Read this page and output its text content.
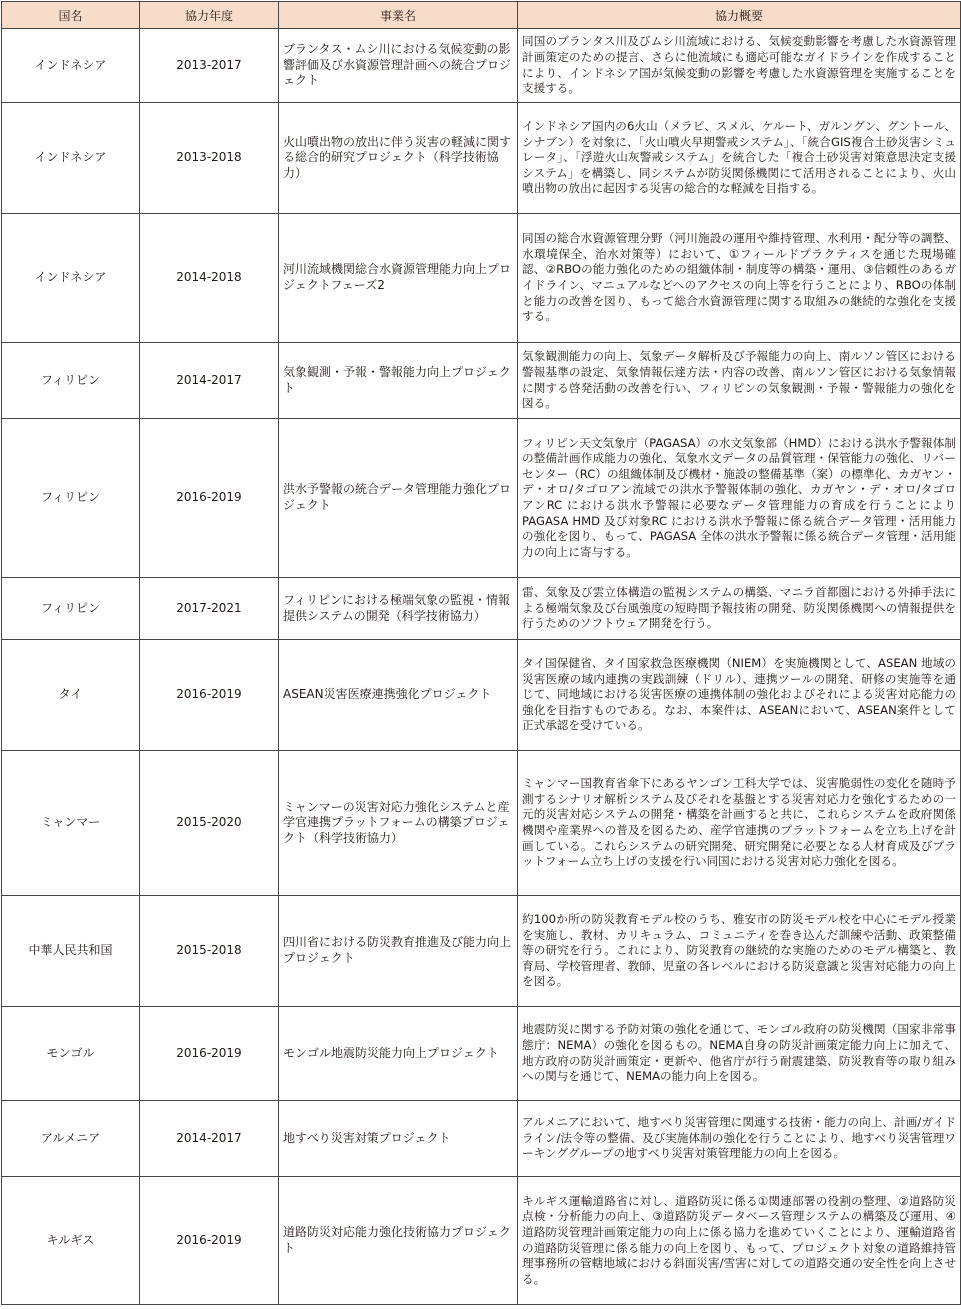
国名	協力年度	事業名	協力概要
インドネシア	2013-2017	ブランタス・ムシ川における気候変動の影響評価及び水資源管理計画への統合プロジェクト	同国のブランタス川及びムシ川流域における、気候変動影響を考慮した水資源管理計画策定のための提言、さらに他流域にも適応可能なガイドラインを作成することにより、インドネシア国が気候変動の影響を考慮した水資源管理を実施することを支援する。
インドネシア	2013-2018	火山噴出物の放出に伴う災害の軽減に関する総合的研究プロジェクト（科学技術協力）	インドネシア国内の6火山（メラピ、スメル、ケルート、ガルングン、グントール、シナブン）を対象に、「火山噴火早期警戒システム」、「統合GIS複合土砂災害シミュレータ」、「浮遊火山灰警戒システム」を統合した「複合土砂災害対策意思決定支援システム」を構築し、同システムが防災関係機関にて活用されることにより、火山噴出物の放出に起因する災害の総合的な軽減を目指する。
インドネシア	2014-2018	河川流域機関総合水資源管理能力向上プロジェクトフェーズ2	同国の総合水資源管理分野（河川施設の運用や維持管理、水利用・配分等の調整、水環境保全、治水対策等）において、①フィールドプラクティスを通じた現場確認、②RBOの能力強化のための組織体制・制度等の構築・運用、③信頼性のあるガイドライン、マニュアルなどへのアクセスの向上等を行うことにより、RBOの体制と能力の改善を図り、もって総合水資源管理に関する取組みの継続的な強化を支援する。
フィリピン	2014-2017	気象観測・予報・警報能力向上プロジェクト	気象観測能力の向上、気象データ解析及び予報能力の向上、南ルソン管区における警報基準の設定、気象情報伝達方法・内容の改善、南ルソン管区における気象情報に関する啓発活動の改善を行い、フィリピンの気象観測・予報・警報能力の強化を図る。
フィリピン	2016-2019	洪水予警報の統合データ管理能力強化プロジェクト	フィリピン天文気象庁（PAGASA）の水文気象部（HMD）における洪水予警報体制の整備計画作成能力の強化、気象水文データの品質管理・保管能力の強化、リバーセンター（RC）の組織体制及び機材・施設の整備基準（案）の標準化、カガヤン・デ・オロ/タゴロアン流域での洪水予警報体制の強化、カガヤン・デ・オロ/タゴロアンRC における洪水予警報に必要なデータ管理能力の育成を行うことによりPAGASA HMD 及び対象RC における洪水予警報に係る統合データ管理・活用能力の強化を図り、もって、PAGASA 全体の洪水予警報に係る統合データ管理・活用能力の向上に寄与する。
フィリピン	2017-2021	フィリピンにおける極端気象の監視・情報提供システムの開発（科学技術協力）	雷、気象及び雲立体構造の監視システムの構築、マニラ首都圏における外挿手法による極端気象及び台風強度の短時間予報技術の開発、防災関係機関への情報提供を行うためのソフトウェア開発を行う。
タイ	2016-2019	ASEAN災害医療連携強化プロジェクト	タイ国保健省、タイ国家救急医療機関（NIEM）を実施機関として、ASEAN 地域の災害医療の域内連携の実践訓練（ドリル）、連携ツールの開発、研修の実施等を通じて、同地域における災害医療の連携体制の強化およびそれによる災害対応能力の強化を目指すものである。なお、本案件は、ASEANにおいて、ASEAN案件として正式承認を受けている。
ミャンマー	2015-2020	ミャンマーの災害対応力強化システムと産学官連携プラットフォームの構築プロジェクト（科学技術協力）	ミャンマー国教育省傘下にあるヤンゴン工科大学では、災害脆弱性の変化を随時予測するシナリオ解析システム及びそれを基盤とする災害対応力を強化するための一元的災害対応システムの開発・構築を計画すると共に、これらシステムを政府関係機関や産業界への普及を図るため、産学官連携のプラットフォームを立ち上げを計画している。これらシステムの研究開発、研究開発に必要となる人材育成及びプラットフォーム立ち上げの支援を行い同国における災害対応力強化を図る。
中華人民共和国	2015-2018	四川省における防災教育推進及び能力向上プロジェクト	約100か所の防災教育モデル校のうち、雅安市の防災モデル校を中心にモデル授業を実施し、教材、カリキュラム、コミュニティを巻き込んだ訓練や活動、政策整備等の研究を行う。これにより、防災教育の継続的な実施のためのモデル構築と、教育局、学校管理者、教師、児童の各レベルにおける防災意識と災害対応能力の向上を図る。
モンゴル	2016-2019	モンゴル地震防災能力向上プロジェクト	地震防災に関する予防対策の強化を通じて、モンゴル政府の防災機関（国家非常事態庁：NEMA）の強化を図るもの。NEMA自身の防災計画策定能力向上に加えて、地方政府の防災計画策定・更新や、他省庁が行う耐震建築、防災教育等の取り組みへの関与を通じて、NEMAの能力向上を図る。
アルメニア	2014-2017	地すべり災害対策プロジェクト	アルメニアにおいて、地すべり災害管理に関連する技術・能力の向上、計画/ガイドライン/法令等の整備、及び実施体制の強化を行うことにより、地すべり災害管理ワーキンググループの地すべり災害対策管理能力の向上を図る。
キルギス	2016-2019	道路防災対応能力強化技術協力プロジェクト	キルギス運輸道路省に対し、道路防災に係る①関連部署の役割の整理、②道路防災点検・分析能力の向上、③道路防災データベース管理システムの構築及び運用、④道路防災管理計画策定能力の向上に係る協力を進めていくことにより、運輸道路省の道路防災管理に係る能力の向上を図り、もって、プロジェクト対象の道路維持管理事務所の管轄地域における斜面災害/雪害に対しての道路交通の安全性を向上させる。
